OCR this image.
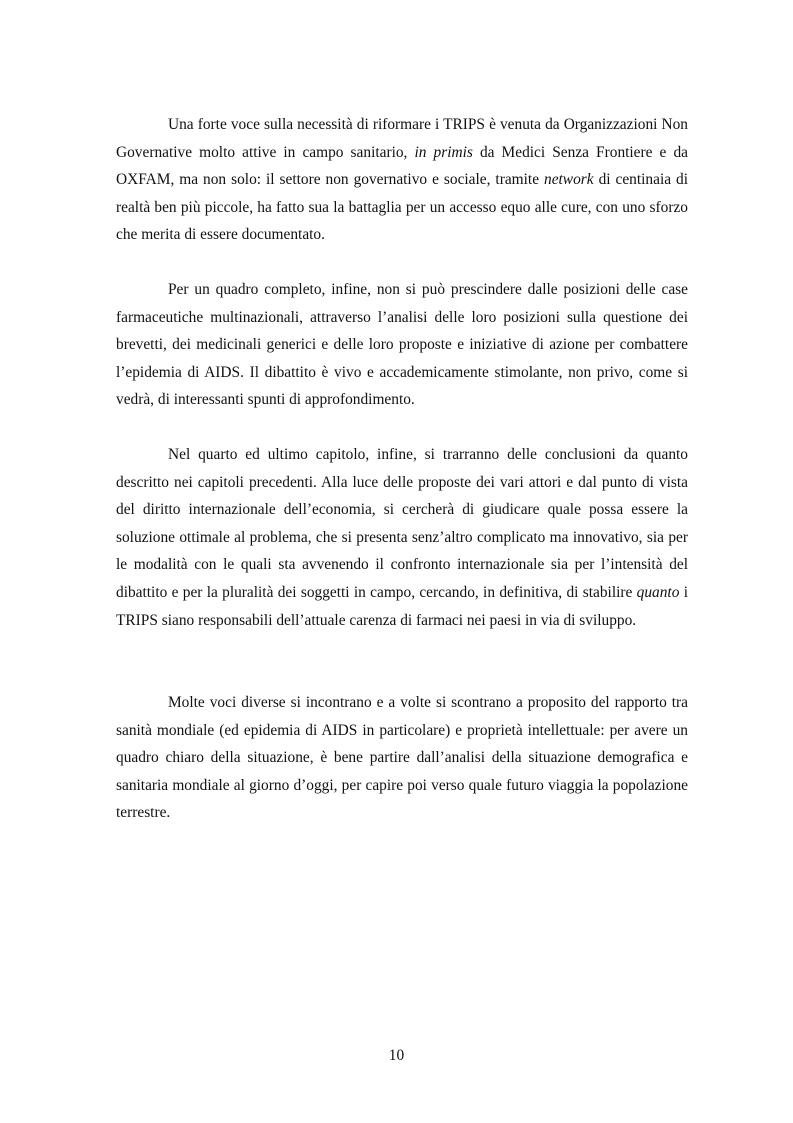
Una forte voce sulla necessità di riformare i TRIPS è venuta da Organizzazioni Non Governative molto attive in campo sanitario, in primis da Medici Senza Frontiere e da OXFAM, ma non solo: il settore non governativo e sociale, tramite network di centinaia di realtà ben più piccole, ha fatto sua la battaglia per un accesso equo alle cure, con uno sforzo che merita di essere documentato.

Per un quadro completo, infine, non si può prescindere dalle posizioni delle case farmaceutiche multinazionali, attraverso l’analisi delle loro posizioni sulla questione dei brevetti, dei medicinali generici e delle loro proposte e iniziative di azione per combattere l’epidemia di AIDS. Il dibattito è vivo e accademicamente stimolante, non privo, come si vedrà, di interessanti spunti di approfondimento.

Nel quarto ed ultimo capitolo, infine, si trarranno delle conclusioni da quanto descritto nei capitoli precedenti. Alla luce delle proposte dei vari attori e dal punto di vista del diritto internazionale dell’economia, si cercherà di giudicare quale possa essere la soluzione ottimale al problema, che si presenta senz’altro complicato ma innovativo, sia per le modalità con le quali sta avvenendo il confronto internazionale sia per l’intensità del dibattito e per la pluralità dei soggetti in campo, cercando, in definitiva, di stabilire quanto i TRIPS siano responsabili dell’attuale carenza di farmaci nei paesi in via di sviluppo.

Molte voci diverse si incontrano e a volte si scontrano a proposito del rapporto tra sanità mondiale (ed epidemia di AIDS in particolare) e proprietà intellettuale: per avere un quadro chiaro della situazione, è bene partire dall’analisi della situazione demografica e sanitaria mondiale al giorno d’oggi, per capire poi verso quale futuro viaggia la popolazione terrestre.

10
